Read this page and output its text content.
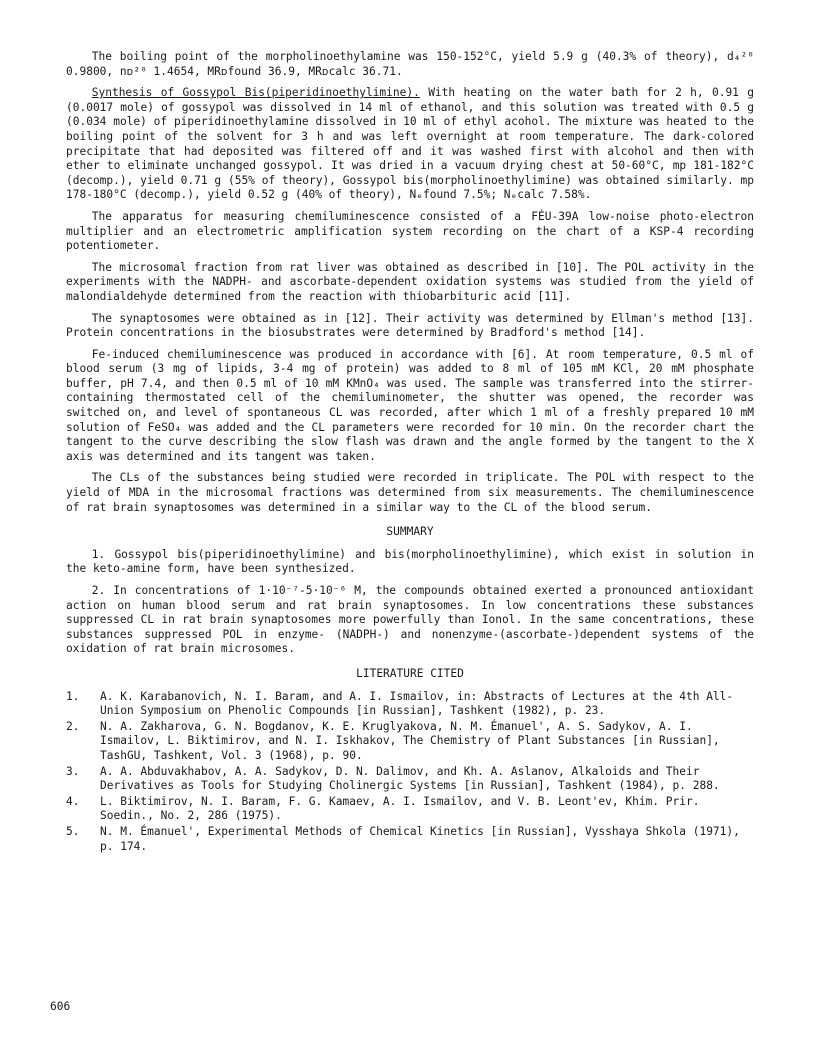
The boiling point of the morpholinoethylamine was 150-152°C, yield 5.9 g (40.3% of theory), d₄²⁰ 0.9800, nᴅ²⁰ 1.4654, MRᴅfound 36.9, MRᴅcalc 36.71.

Synthesis of Gossypol Bis(piperidinoethylimine). With heating on the water bath for 2 h, 0.91 g (0.0017 mole) of gossypol was dissolved in 14 ml of ethanol, and this solution was treated with 0.5 g (0.034 mole) of piperidinoethylamine dissolved in 10 ml of ethyl acohol. The mixture was heated to the boiling point of the solvent for 3 h and was left overnight at room temperature. The dark-colored precipitate that had deposited was filtered off and it was washed first with alcohol and then with ether to eliminate unchanged gossypol. It was dried in a vacuum drying chest at 50-60°C, mp 181-182°C (decomp.), yield 0.71 g (55% of theory), Gossypol bis(morpholinoethylimine) was obtained similarly. mp 178-180°C (decomp.), yield 0.52 g (40% of theory), Nₑfound 7.5%; Nₑcalc 7.58%.

The apparatus for measuring chemiluminescence consisted of a FÉU-39A low-noise photo-electron multiplier and an electrometric amplification system recording on the chart of a KSP-4 recording potentiometer.

The microsomal fraction from rat liver was obtained as described in [10]. The POL activity in the experiments with the NADPH- and ascorbate-dependent oxidation systems was studied from the yield of malondialdehyde determined from the reaction with thiobarbituric acid [11].

The synaptosomes were obtained as in [12]. Their activity was determined by Ellman's method [13]. Protein concentrations in the biosubstrates were determined by Bradford's method [14].

Fe-induced chemiluminescence was produced in accordance with [6]. At room temperature, 0.5 ml of blood serum (3 mg of lipids, 3-4 mg of protein) was added to 8 ml of 105 mM KCl, 20 mM phosphate buffer, pH 7.4, and then 0.5 ml of 10 mM KMnO₄ was used. The sample was transferred into the stirrer-containing thermostated cell of the chemiluminometer, the shutter was opened, the recorder was switched on, and level of spontaneous CL was recorded, after which 1 ml of a freshly prepared 10 mM solution of FeSO₄ was added and the CL parameters were recorded for 10 min. On the recorder chart the tangent to the curve describing the slow flash was drawn and the angle formed by the tangent to the X axis was determined and its tangent was taken.

The CLs of the substances being studied were recorded in triplicate. The POL with respect to the yield of MDA in the microsomal fractions was determined from six measurements. The chemiluminescence of rat brain synaptosomes was determined in a similar way to the CL of the blood serum.

SUMMARY

1. Gossypol bis(piperidinoethylimine) and bis(morpholinoethylimine), which exist in solution in the keto-amine form, have been synthesized.

2. In concentrations of 1·10⁻⁷-5·10⁻⁶ M, the compounds obtained exerted a pronounced antioxidant action on human blood serum and rat brain synaptosomes. In low concentrations these substances suppressed CL in rat brain synaptosomes more powerfully than Ionol. In the same concentrations, these substances suppressed POL in enzyme- (NADPH-) and nonenzyme-(ascorbate-)dependent systems of the oxidation of rat brain microsomes.

LITERATURE CITED
1.	A. K. Karabanovich, N. I. Baram, and A. I. Ismailov, in: Abstracts of Lectures at the 4th All-Union Symposium on Phenolic Compounds [in Russian], Tashkent (1982), p. 23.
2.	N. A. Zakharova, G. N. Bogdanov, K. E. Kruglyakova, N. M. Émanuel', A. S. Sadykov, A. I. Ismailov, L. Biktimirov, and N. I. Iskhakov, The Chemistry of Plant Substances [in Russian], TashGU, Tashkent, Vol. 3 (1968), p. 90.
3.	A. A. Abduvakhabov, A. A. Sadykov, D. N. Dalimov, and Kh. A. Aslanov, Alkaloids and Their Derivatives as Tools for Studying Cholinergic Systems [in Russian], Tashkent (1984), p. 288.
4.	L. Biktimirov, N. I. Baram, F. G. Kamaev, A. I. Ismailov, and V. B. Leont'ev, Khim. Prir. Soedin., No. 2, 286 (1975).
5.	N. M. Émanuel', Experimental Methods of Chemical Kinetics [in Russian], Vysshaya Shkola (1971), p. 174.
606
